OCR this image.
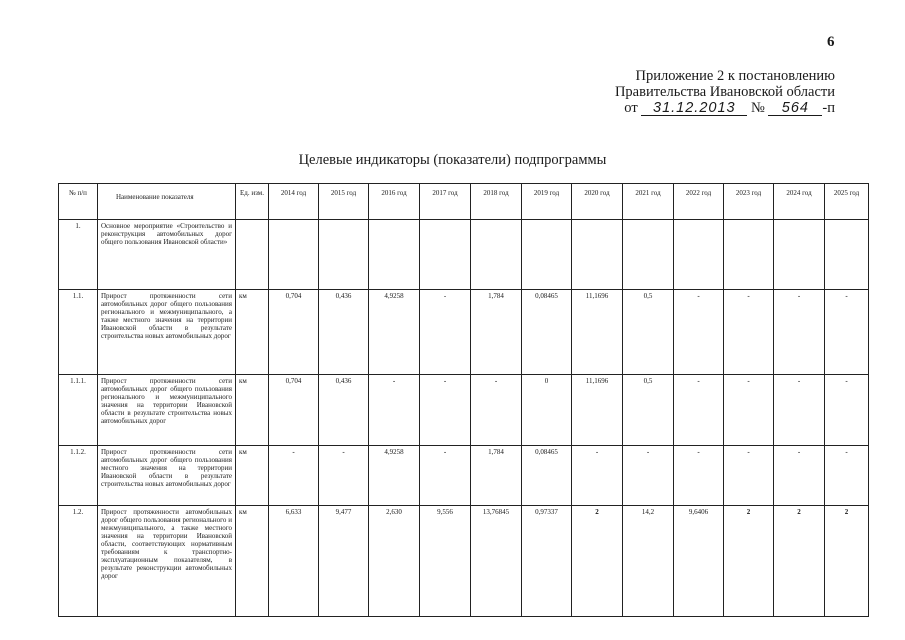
6
Приложение 2 к постановлению
Правительства Ивановской области
от 31.12.2013 № 564 -п
Целевые индикаторы (показатели) подпрограммы
№ п/п	Наименование показателя	Ед. изм.	2014 год	2015 год	2016 год	2017 год	2018 год	2019 год	2020 год	2021 год	2022 год	2023 год	2024 год	2025 год
1.	Основное мероприятие «Строительство и реконструкция автомобильных дорог общего пользования Ивановской области»													
1.1.	Прирост протяженности сети автомобильных дорог общего пользования регионального и межмуниципального, а также местного значения на территории Ивановской области в результате строительства новых автомобильных дорог	км	0,704	0,436	4,9258	-	1,784	0,08465	11,1696	0,5	-	-	-	-
1.1.1.	Прирост протяженности сети автомобильных дорог общего пользования регионального и межмуниципального значения на территории Ивановской области в результате строительства новых автомобильных дорог	км	0,704	0,436	-	-	-	0	11,1696	0,5	-	-	-	-
1.1.2.	Прирост протяженности сети автомобильных дорог общего пользования местного значения на территории Ивановской области в результате строительства новых автомобильных дорог	км	-	-	4,9258	-	1,784	0,08465	-	-	-	-	-	-
1.2.	Прирост протяженности автомобильных дорог общего пользования регионального и межмуниципального, а также местного значения на территории Ивановской области, соответствующих нормативным требованиям к транспортно-эксплуатационным показателям, в результате реконструкции автомобильных дорог	км	6,633	9,477	2,630	9,556	13,76845	0,97337	2	14,2	9,6406	2	2	2
